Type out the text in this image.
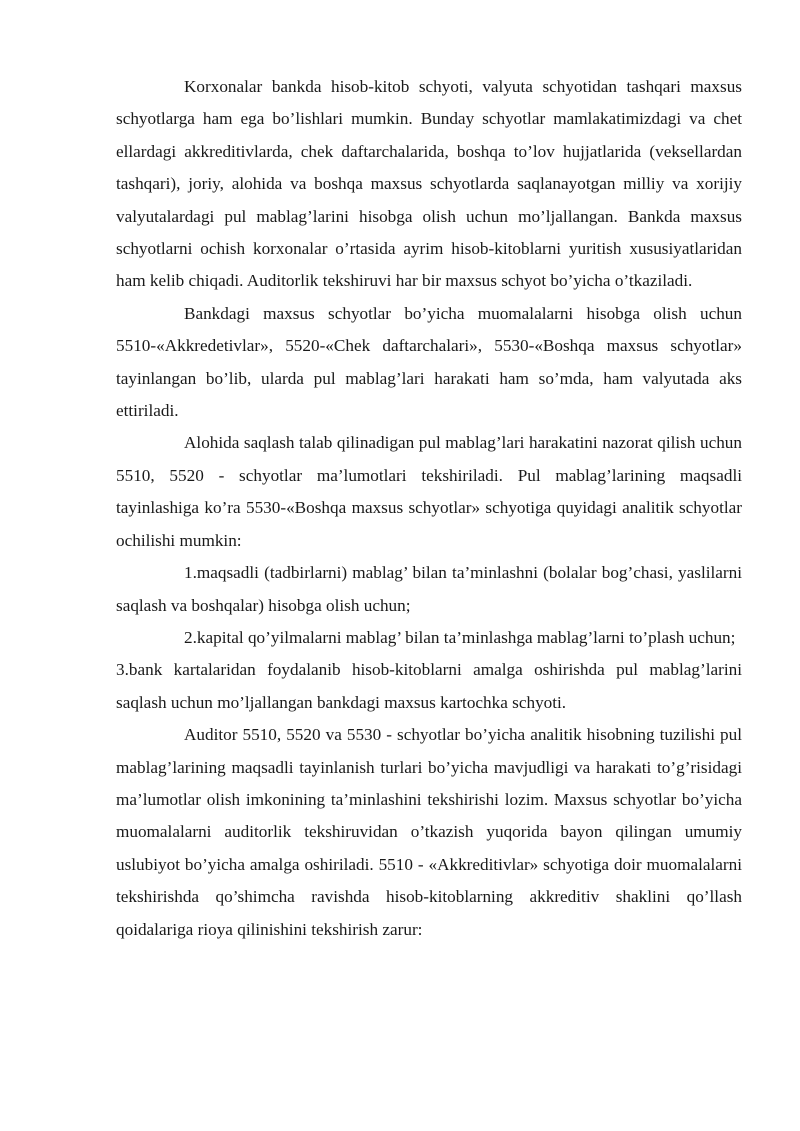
Korxonalar bankda hisob-kitob schyoti, valyuta schyotidan tashqari maxsus schyotlarga ham ega bo’lishlari mumkin. Bunday schyotlar mamlakatimizdagi va chet ellardagi akkreditivlarda, chek daftarchalarida, boshqa to’lov hujjatlarida (veksellardan tashqari), joriy, alohida va boshqa maxsus schyotlarda saqlanayotgan milliy va xorijiy valyutalardagi pul mablag’larini hisobga olish uchun mo’ljallangan. Bankda maxsus schyotlarni ochish korxonalar o’rtasida ayrim hisob-kitoblarni yuritish xususiyatlaridan ham kelib chiqadi. Auditorlik tekshiruvi har bir maxsus schyot bo’yicha o’tkaziladi.

Bankdagi maxsus schyotlar bo’yicha muomalalarni hisobga olish uchun 5510-«Akkredetivlar», 5520-«Chek daftarchalari», 5530-«Boshqa maxsus schyotlar» tayinlangan bo’lib, ularda pul mablag’lari harakati ham so’mda, ham valyutada aks ettiriladi.

Alohida saqlash talab qilinadigan pul mablag’lari harakatini nazorat qilish uchun 5510, 5520 - schyotlar ma’lumotlari tekshiriladi. Pul mablag’larining maqsadli tayinlashiga ko’ra 5530-«Boshqa maxsus schyotlar» schyotiga quyidagi analitik schyotlar ochilishi mumkin:

1.maqsadli (tadbirlarni) mablag’ bilan ta’minlashni (bolalar bog’chasi, yaslilarni saqlash va boshqalar) hisobga olish uchun;

2.kapital qo’yilmalarni mablag’ bilan ta’minlashga mablag’larni to’plash uchun;

3.bank kartalaridan foydalanib hisob-kitoblarni amalga oshirishda pul mablag’larini saqlash uchun mo’ljallangan bankdagi maxsus kartochka schyoti.

Auditor 5510, 5520 va 5530 - schyotlar bo’yicha analitik hisobning tuzilishi pul mablag’larining maqsadli tayinlanish turlari bo’yicha mavjudligi va harakati to’g’risidagi ma’lumotlar olish imkonining ta’minlashini tekshirishi lozim. Maxsus schyotlar bo’yicha muomalalarni auditorlik tekshiruvidan o’tkazish yuqorida bayon qilingan umumiy uslubiyot bo’yicha amalga oshiriladi. 5510 - «Akkreditivlar» schyotiga doir muomalalarni tekshirishda qo’shimcha ravishda hisob-kitoblarning akkreditiv shaklini qo’llash qoidalariga rioya qilinishini tekshirish zarur:
